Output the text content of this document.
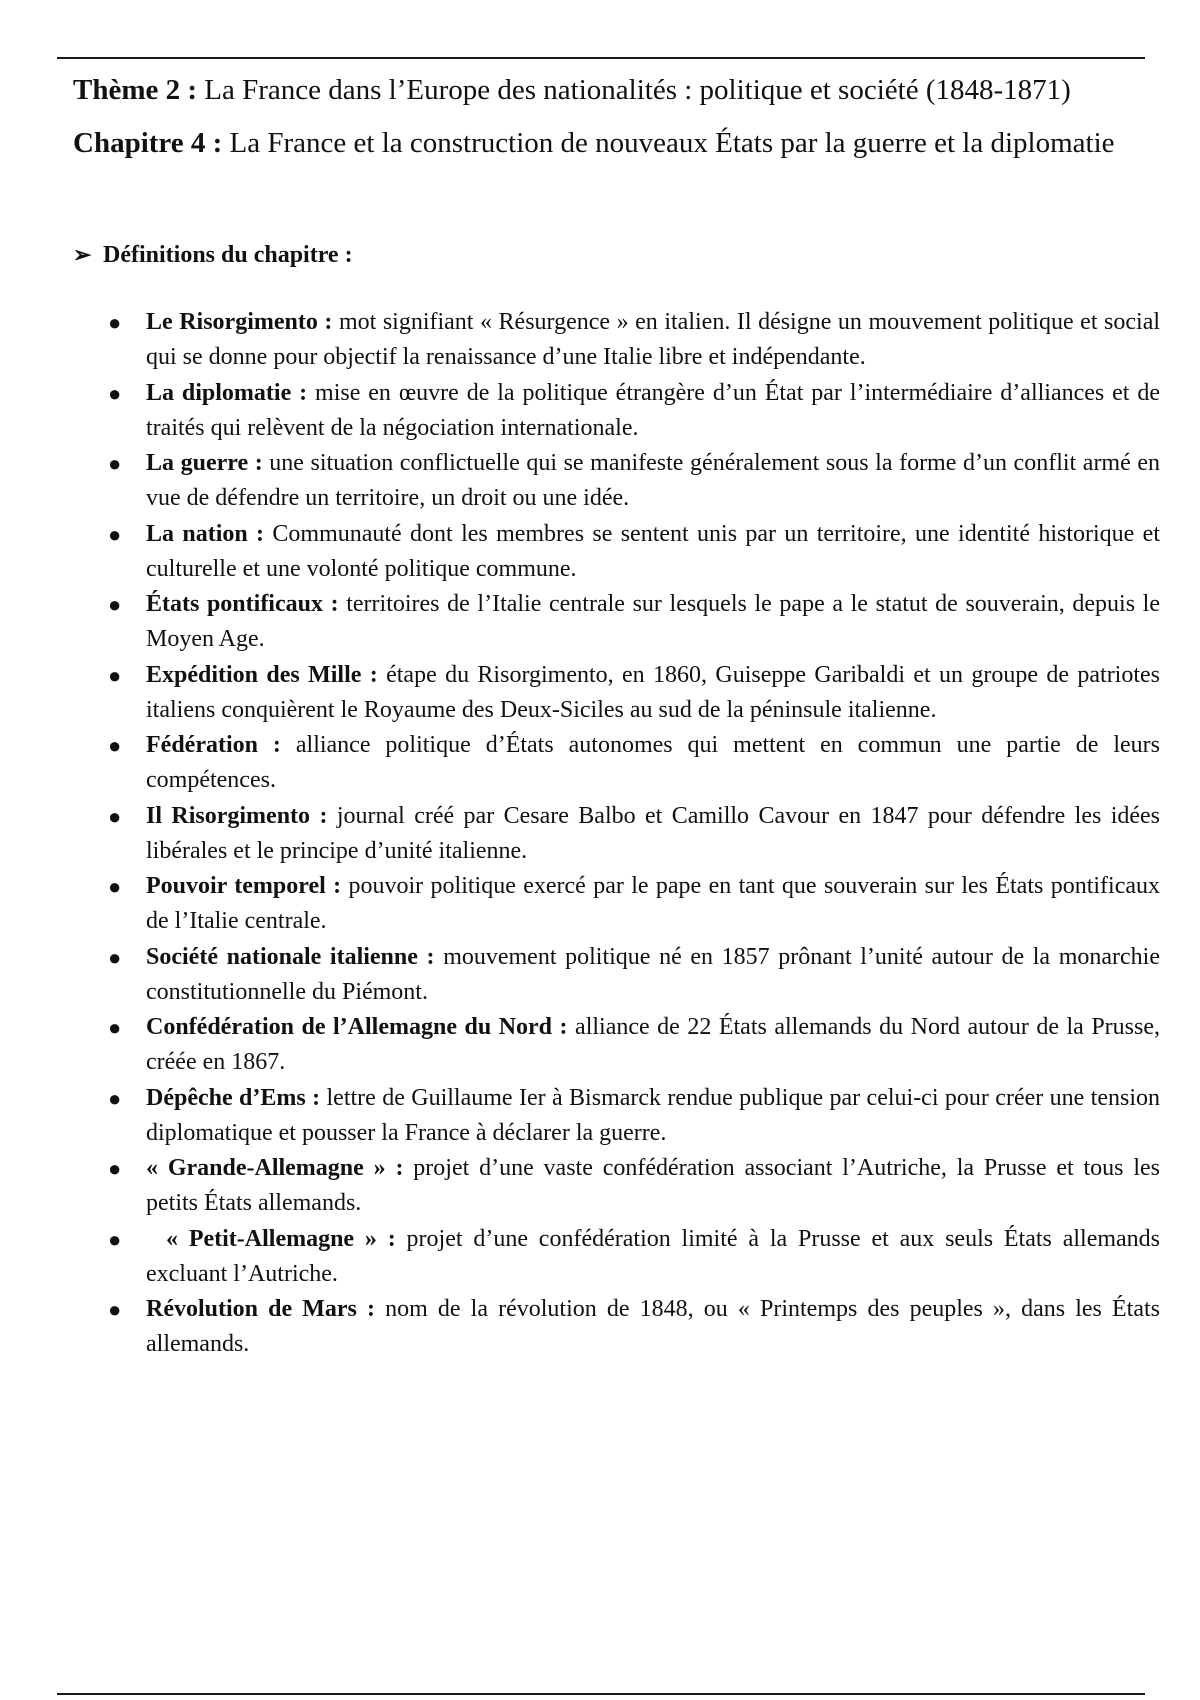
Thème 2 : La France dans l’Europe des nationalités : politique et société (1848-1871)

Chapitre 4 : La France et la construction de nouveaux États par la guerre et la diplomatie

➢ Définitions du chapitre :
● Le Risorgimento : mot signifiant « Résurgence » en italien. Il désigne un mouvement politique et social qui se donne pour objectif la renaissance d’une Italie libre et indépendante.
● La diplomatie : mise en œuvre de la politique étrangère d’un État par l’intermédiaire d’alliances et de traités qui relèvent de la négociation internationale.
● La guerre : une situation conflictuelle qui se manifeste généralement sous la forme d’un conflit armé en vue de défendre un territoire, un droit ou une idée.
● La nation : Communauté dont les membres se sentent unis par un territoire, une identité historique et culturelle et une volonté politique commune.
● États pontificaux : territoires de l’Italie centrale sur lesquels le pape a le statut de souverain, depuis le Moyen Age.
● Expédition des Mille : étape du Risorgimento, en 1860, Guiseppe Garibaldi et un groupe de patriotes italiens conquièrent le Royaume des Deux-Siciles au sud de la péninsule italienne.
● Fédération : alliance politique d’États autonomes qui mettent en commun une partie de leurs compétences.
● Il Risorgimento : journal créé par Cesare Balbo et Camillo Cavour en 1847 pour défendre les idées libérales et le principe d’unité italienne.
● Pouvoir temporel : pouvoir politique exercé par le pape en tant que souverain sur les États pontificaux de l’Italie centrale.
● Société nationale italienne : mouvement politique né en 1857 prônant l’unité autour de la monarchie constitutionnelle du Piémont.
● Confédération de l’Allemagne du Nord : alliance de 22 États allemands du Nord autour de la Prusse, créée en 1867.
● Dépêche d’Ems : lettre de Guillaume Ier à Bismarck rendue publique par celui-ci pour créer une tension diplomatique et pousser la France à déclarer la guerre.
● « Grande-Allemagne » : projet d’une vaste confédération associant l’Autriche, la Prusse et tous les petits États allemands.
● « Petit-Allemagne » : projet d’une confédération limité à la Prusse et aux seuls États allemands excluant l’Autriche.
● Révolution de Mars : nom de la révolution de 1848, ou « Printemps des peuples », dans les États allemands.
